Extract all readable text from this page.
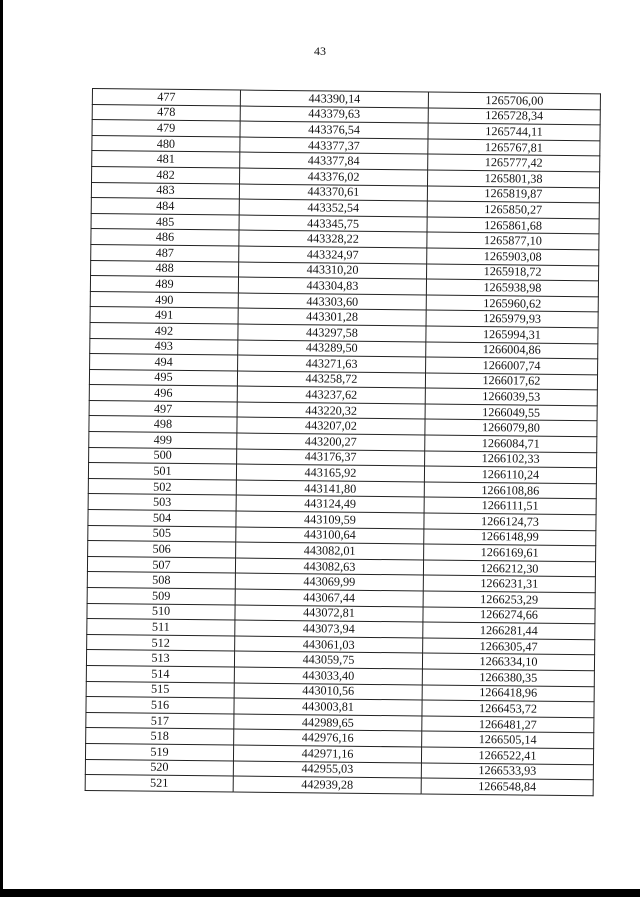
43
477	443390,14	1265706,00
478	443379,63	1265728,34
479	443376,54	1265744,11
480	443377,37	1265767,81
481	443377,84	1265777,42
482	443376,02	1265801,38
483	443370,61	1265819,87
484	443352,54	1265850,27
485	443345,75	1265861,68
486	443328,22	1265877,10
487	443324,97	1265903,08
488	443310,20	1265918,72
489	443304,83	1265938,98
490	443303,60	1265960,62
491	443301,28	1265979,93
492	443297,58	1265994,31
493	443289,50	1266004,86
494	443271,63	1266007,74
495	443258,72	1266017,62
496	443237,62	1266039,53
497	443220,32	1266049,55
498	443207,02	1266079,80
499	443200,27	1266084,71
500	443176,37	1266102,33
501	443165,92	1266110,24
502	443141,80	1266108,86
503	443124,49	1266111,51
504	443109,59	1266124,73
505	443100,64	1266148,99
506	443082,01	1266169,61
507	443082,63	1266212,30
508	443069,99	1266231,31
509	443067,44	1266253,29
510	443072,81	1266274,66
511	443073,94	1266281,44
512	443061,03	1266305,47
513	443059,75	1266334,10
514	443033,40	1266380,35
515	443010,56	1266418,96
516	443003,81	1266453,72
517	442989,65	1266481,27
518	442976,16	1266505,14
519	442971,16	1266522,41
520	442955,03	1266533,93
521	442939,28	1266548,84
